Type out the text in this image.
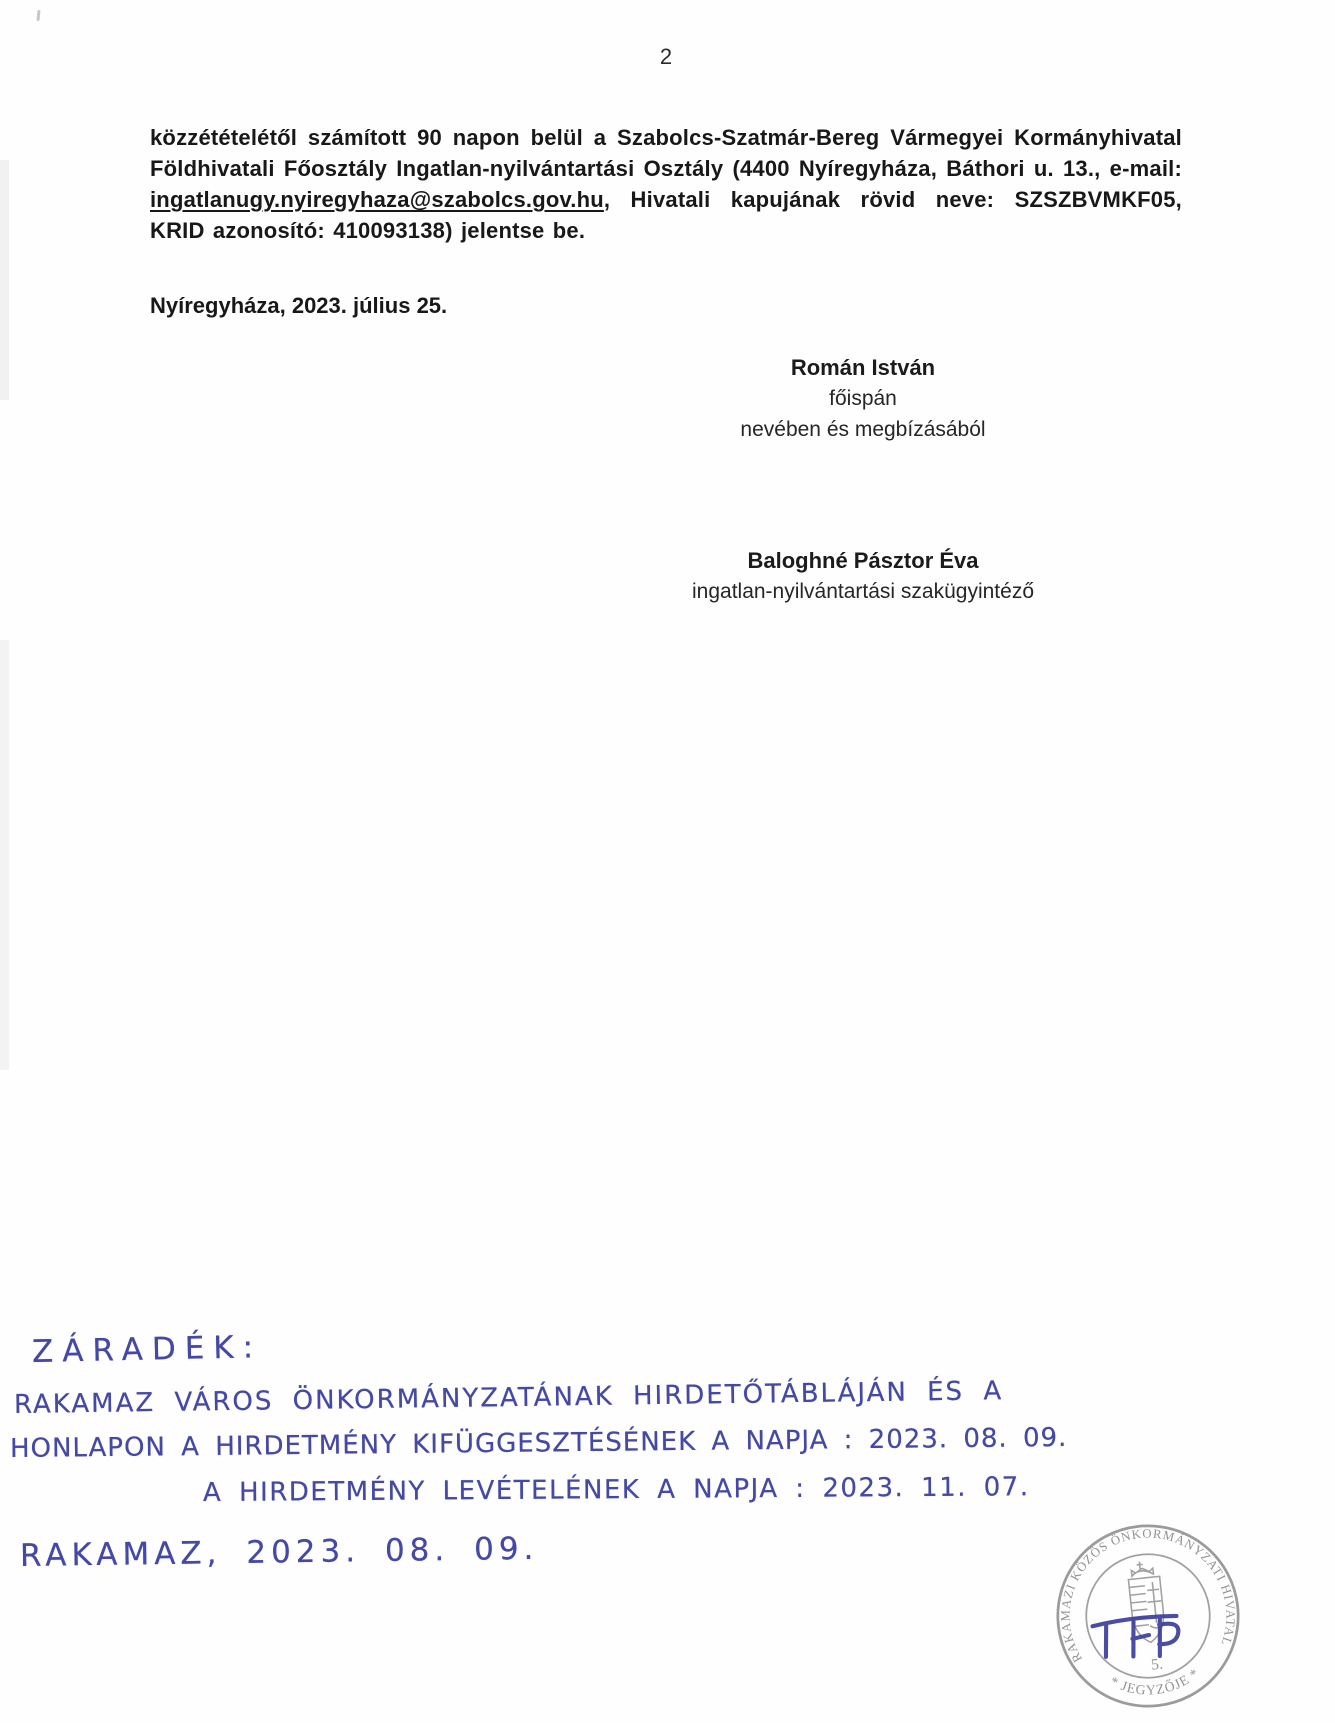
2

közzétételétől számított 90 napon belül a Szabolcs-Szatmár-Bereg Vármegyei Kormányhivatal Földhivatali Főosztály Ingatlan-nyilvántartási Osztály (4400 Nyíregyháza, Báthori u. 13., e-mail: ingatlanugy.nyiregyhaza@szabolcs.gov.hu, Hivatali kapujának rövid neve: SZSZBVMKF05, KRID azonosító: 410093138) jelentse be.

Nyíregyháza, 2023. július 25.
Román István
főispán
nevében és megbízásából
Baloghné Pásztor Éva
ingatlan-nyilvántartási szakügyintéző
ZÁRADÉK:
RAKAMAZ VÁROS ÖNKORMÁNYZATÁNAK HIRDETŐTÁBLÁJÁN ÉS A
HONLAPON A HIRDETMÉNY KIFÜGGESZTÉSÉNEK A NAPJA : 2023. 08. 09.
A HIRDETMÉNY LEVÉTELÉNEK A NAPJA : 2023. 11. 07.
RAKAMAZ, 2023. 08. 09.
RAKAMAZI KÖZÖS ÖNKORMÁNYZATI HIVATAL
* JEGYZŐJE *
5.
